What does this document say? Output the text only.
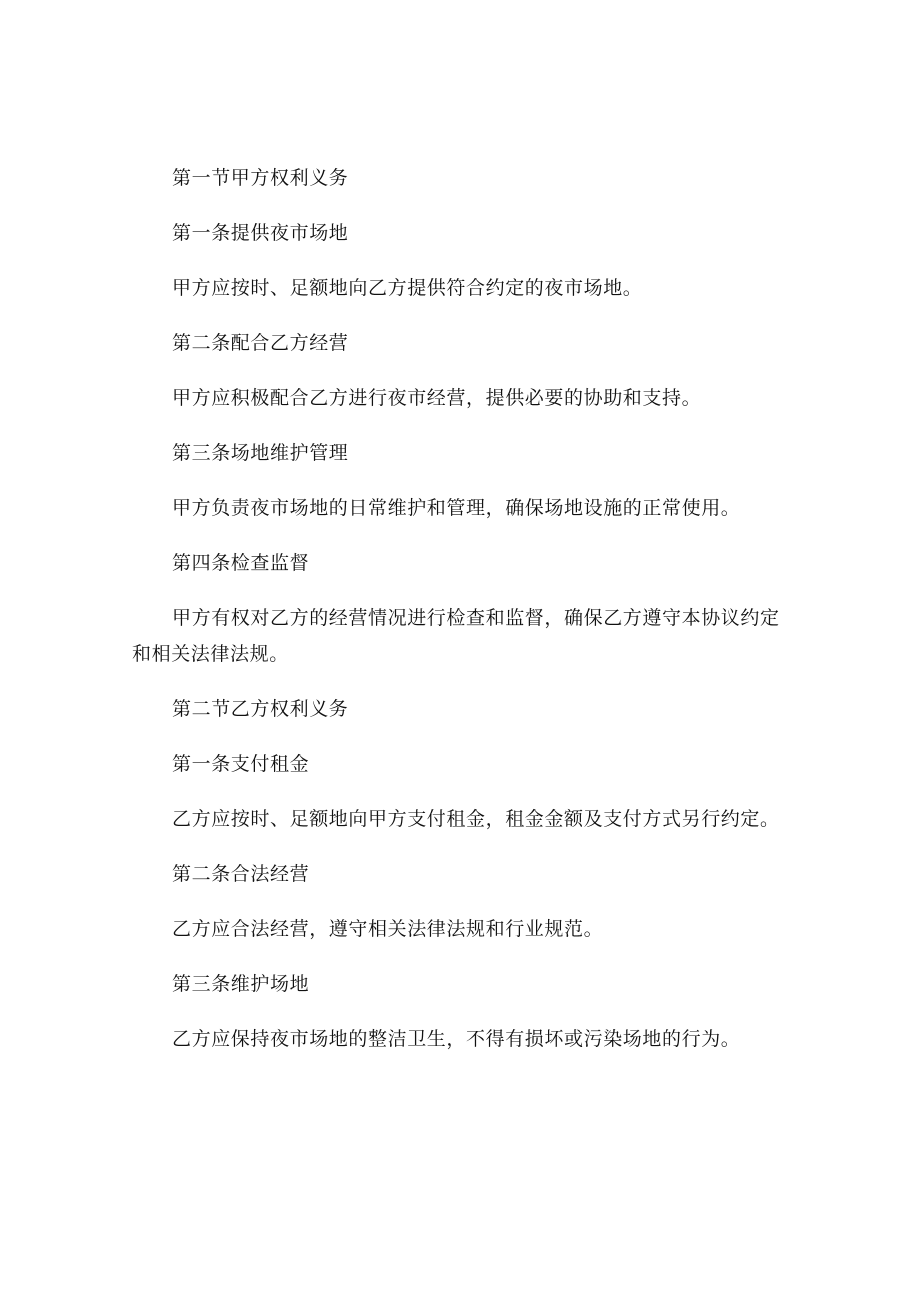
第一节甲方权利义务

第一条提供夜市场地

甲方应按时、足额地向乙方提供符合约定的夜市场地。

第二条配合乙方经营

甲方应积极配合乙方进行夜市经营，提供必要的协助和支持。

第三条场地维护管理

甲方负责夜市场地的日常维护和管理，确保场地设施的正常使用。

第四条检查监督

甲方有权对乙方的经营情况进行检查和监督，确保乙方遵守本协议约定和相关法律法规。

第二节乙方权利义务

第一条支付租金

乙方应按时、足额地向甲方支付租金，租金金额及支付方式另行约定。

第二条合法经营

乙方应合法经营，遵守相关法律法规和行业规范。

第三条维护场地

乙方应保持夜市场地的整洁卫生，不得有损坏或污染场地的行为。
